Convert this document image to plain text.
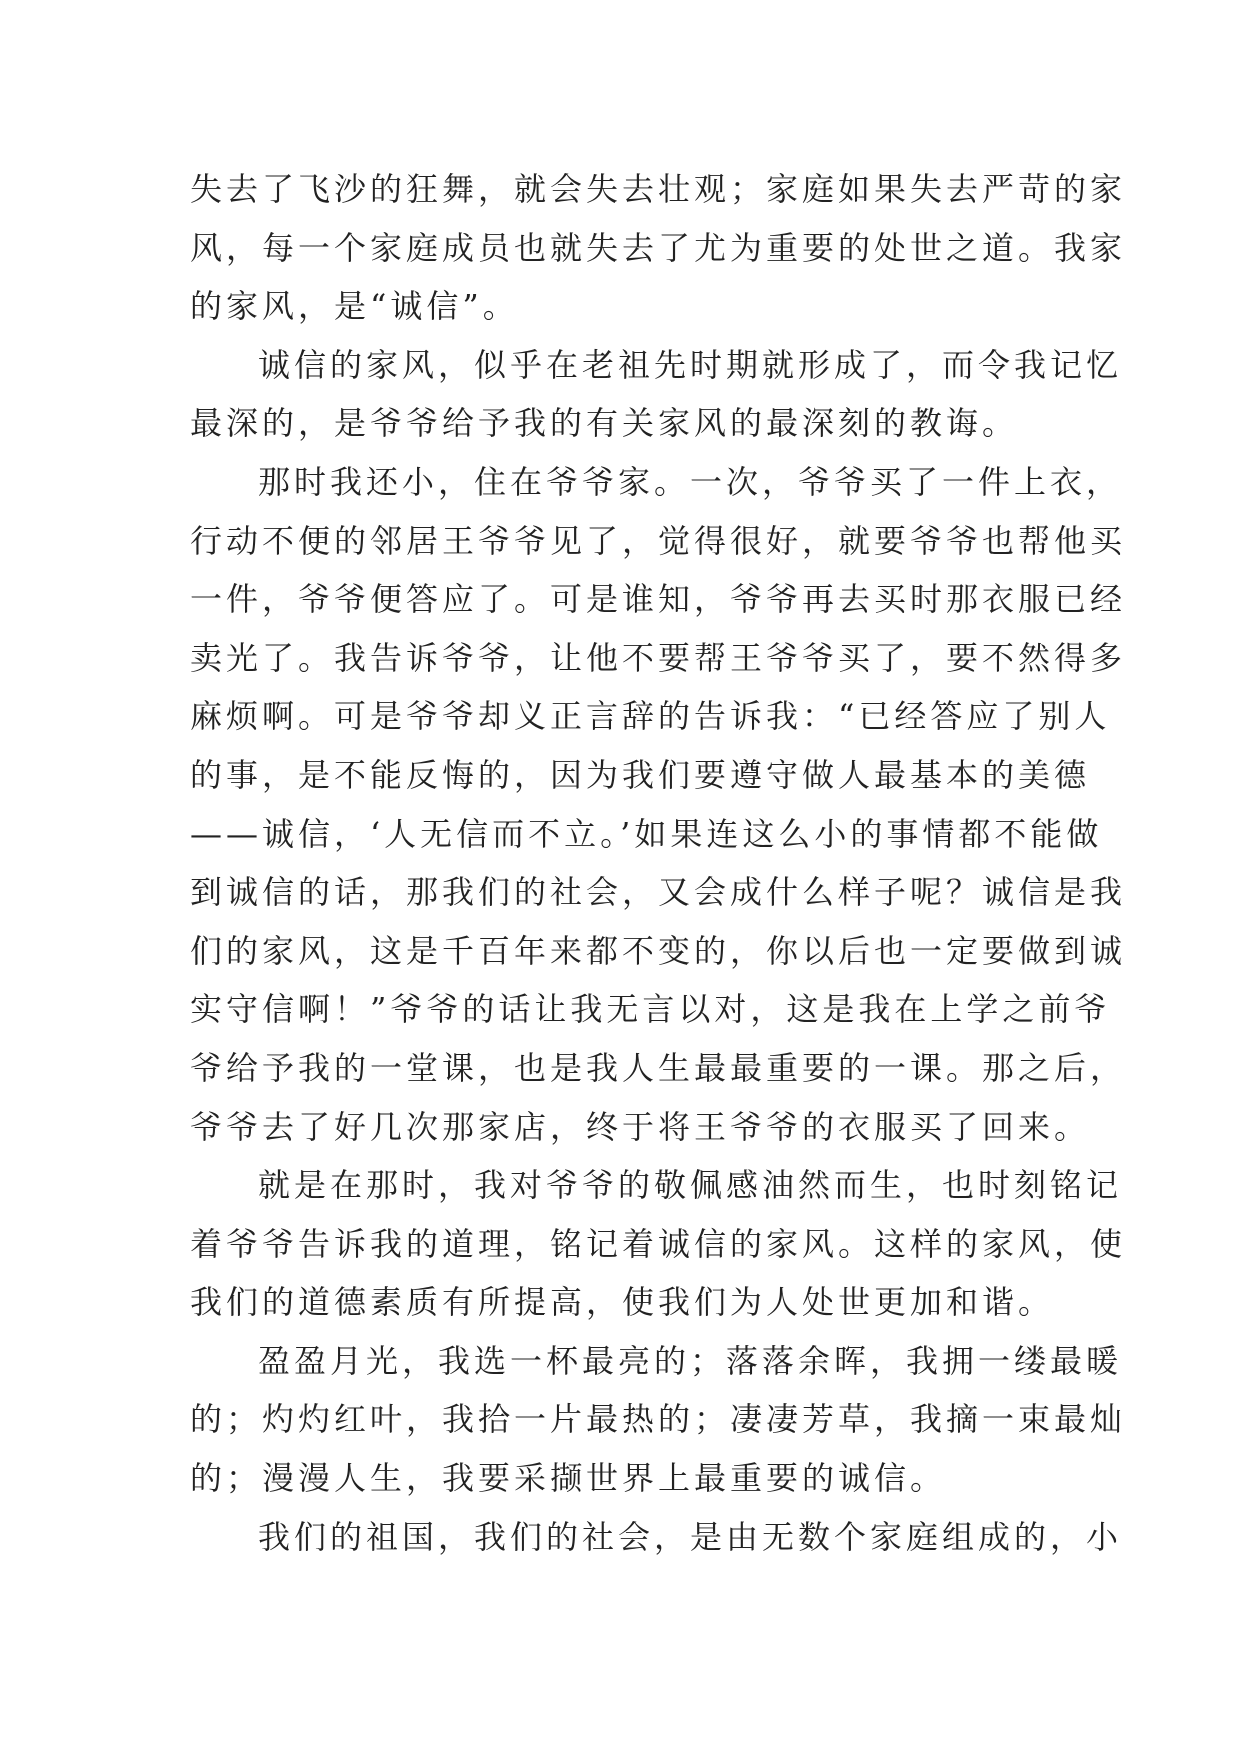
失去了飞沙的狂舞，就会失去壮观；家庭如果失去严苛的家
风，每一个家庭成员也就失去了尤为重要的处世之道。我家
的家风，是“诚信”。
诚信的家风，似乎在老祖先时期就形成了，而令我记忆
最深的，是爷爷给予我的有关家风的最深刻的教诲。
那时我还小，住在爷爷家。一次，爷爷买了一件上衣，
行动不便的邻居王爷爷见了，觉得很好，就要爷爷也帮他买
一件，爷爷便答应了。可是谁知，爷爷再去买时那衣服已经
卖光了。我告诉爷爷，让他不要帮王爷爷买了，要不然得多
麻烦啊。可是爷爷却义正言辞的告诉我：“已经答应了别人
的事，是不能反悔的，因为我们要遵守做人最基本的美德
——诚信，‘人无信而不立。’如果连这么小的事情都不能做
到诚信的话，那我们的社会，又会成什么样子呢？诚信是我
们的家风，这是千百年来都不变的，你以后也一定要做到诚
实守信啊！”爷爷的话让我无言以对，这是我在上学之前爷
爷给予我的一堂课，也是我人生最最重要的一课。那之后，
爷爷去了好几次那家店，终于将王爷爷的衣服买了回来。
就是在那时，我对爷爷的敬佩感油然而生，也时刻铭记
着爷爷告诉我的道理，铭记着诚信的家风。这样的家风，使
我们的道德素质有所提高，使我们为人处世更加和谐。
盈盈月光，我选一杯最亮的；落落余晖，我拥一缕最暖
的；灼灼红叶，我拾一片最热的；凄凄芳草，我摘一束最灿
的；漫漫人生，我要采撷世界上最重要的诚信。
我们的祖国，我们的社会，是由无数个家庭组成的，小
